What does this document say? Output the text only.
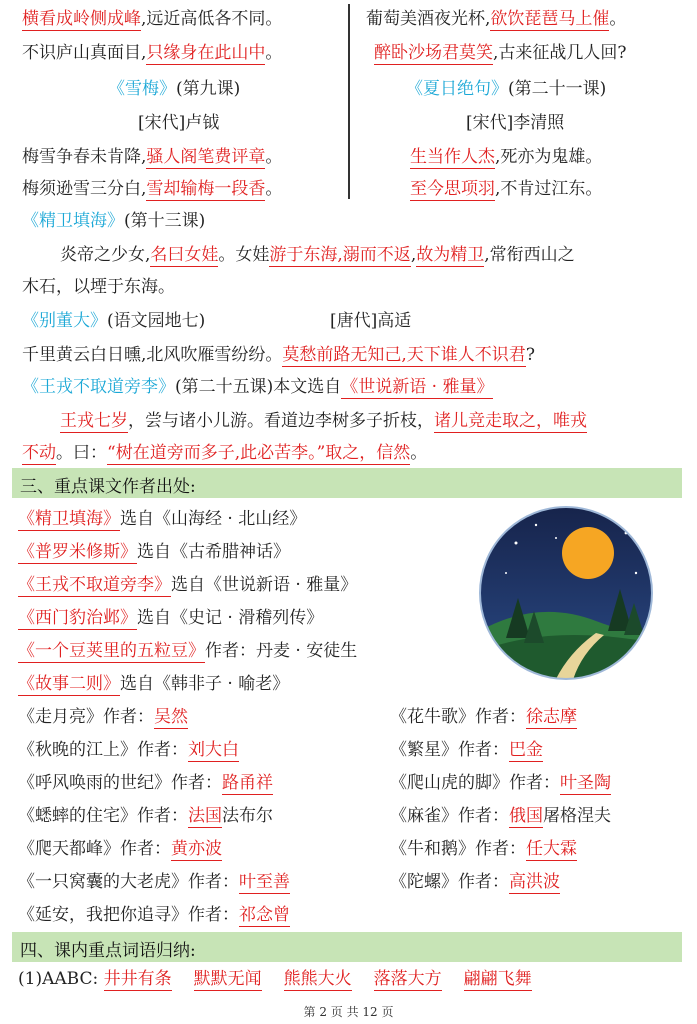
横看成岭侧成峰,远近高低各不同。
不识庐山真面目,只缘身在此山中。
《雪梅》(第九课)
[宋代]卢钺
梅雪争春未肯降,骚人阁笔费评章。
梅须逊雪三分白,雪却输梅一段香。
葡萄美酒夜光杯,欲饮琵琶马上催。
醉卧沙场君莫笑,古来征战几人回?
《夏日绝句》(第二十一课)
[宋代]李清照
生当作人杰,死亦为鬼雄。
至今思项羽,不肯过江东。
《精卫填海》(第十三课)
炎帝之少女,名曰女娃。女娃游于东海,溺而不返,故为精卫,常衔西山之
木石，以堙于东海。
《别董大》(语文园地七)	[唐代]高适
千里黄云白日曛,北风吹雁雪纷纷。莫愁前路无知己,天下谁人不识君?
《王戎不取道旁李》(第二十五课)本文选自《世说新语 · 雅量》
王戎七岁，尝与诸小儿游。看道边李树多子折枝，诸儿竞走取之，唯戎
不动。曰：“树在道旁而多子,此必苦李。”取之，信然。
三、重点课文作者出处:
《精卫填海》选自《山海经 · 北山经》
《普罗米修斯》选自《古希腊神话》
《王戎不取道旁李》选自《世说新语 · 雅量》
《西门豹治邺》选自《史记 · 滑稽列传》
《一个豆荚里的五粒豆》作者：丹麦 · 安徒生
《故事二则》选自《韩非子 · 喻老》
《走月亮》作者：吴然
《秋晚的江上》作者：刘大白
《呼风唤雨的世纪》作者：路甬祥
《蟋蟀的住宅》作者：法国法布尔
《爬天都峰》作者：黄亦波
《一只窝囊的大老虎》作者：叶至善
《延安，我把你追寻》作者：祁念曾
《花牛歌》作者：徐志摩
《繁星》作者：巴金
《爬山虎的脚》作者：叶圣陶
《麻雀》作者：俄国屠格涅夫
《牛和鹅》作者：任大霖
《陀螺》作者：高洪波
四、课内重点词语归纳:
(1)AABC: 井井有条 默默无闻 熊熊大火 落落大方 翩翩飞舞
第 2 页 共 12 页
